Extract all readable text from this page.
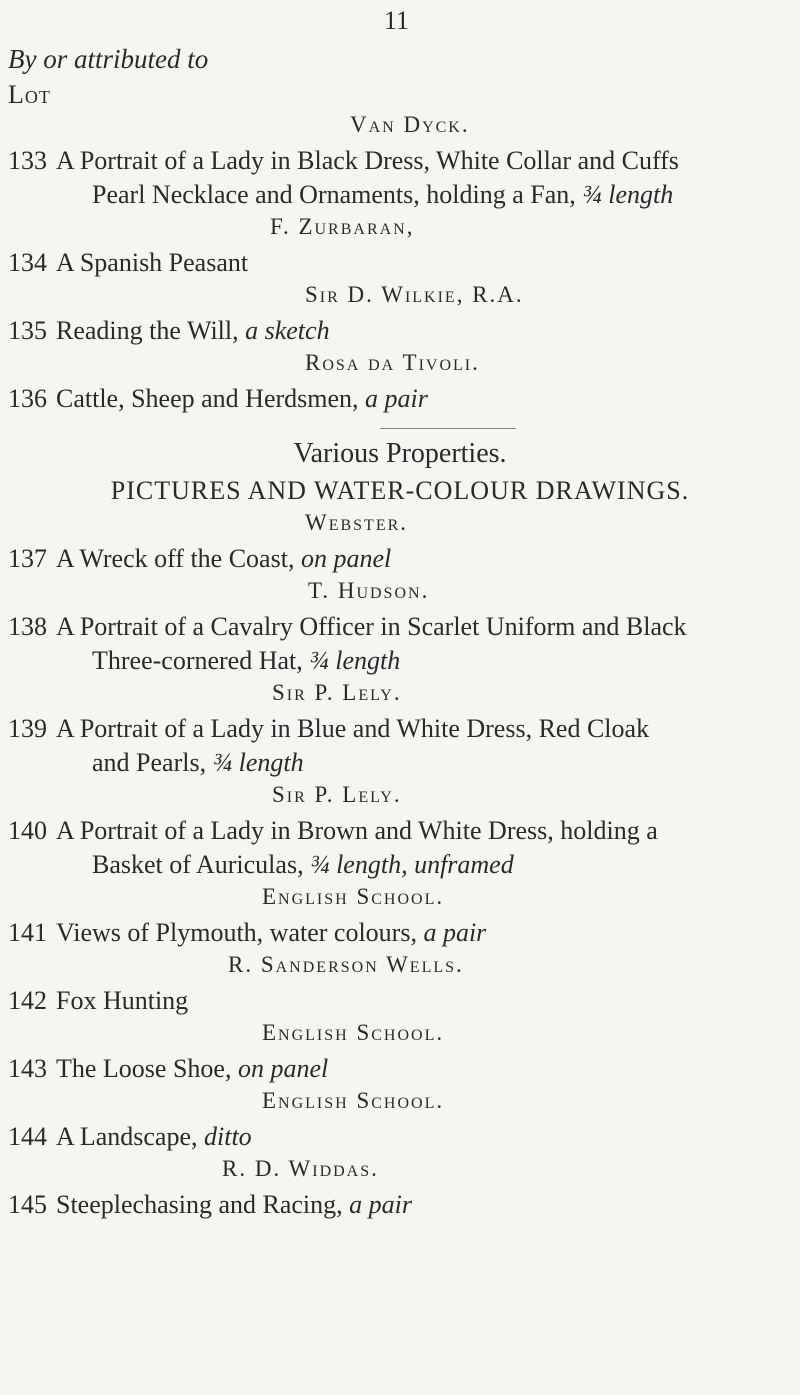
11
By or attributed to
Lot
Van Dyck.
133 A Portrait of a Lady in Black Dress, White Collar and Cuffs
Pearl Necklace and Ornaments, holding a Fan, ¾ length
F. Zurbaran,
134 A Spanish Peasant
Sir D. Wilkie, R.A.
135 Reading the Will, a sketch
Rosa da Tivoli.
136 Cattle, Sheep and Herdsmen, a pair
Various Properties.
PICTURES AND WATER-COLOUR DRAWINGS.
Webster.
137 A Wreck off the Coast, on panel
T. Hudson.
138 A Portrait of a Cavalry Officer in Scarlet Uniform and Black
Three-cornered Hat, ¾ length
Sir P. Lely.
139 A Portrait of a Lady in Blue and White Dress, Red Cloak
and Pearls, ¾ length
Sir P. Lely.
140 A Portrait of a Lady in Brown and White Dress, holding a
Basket of Auriculas, ¾ length, unframed
English School.
141 Views of Plymouth, water colours, a pair
R. Sanderson Wells.
142 Fox Hunting
English School.
143 The Loose Shoe, on panel
English School.
144 A Landscape, ditto
R. D. Widdas.
145 Steeplechasing and Racing, a pair
